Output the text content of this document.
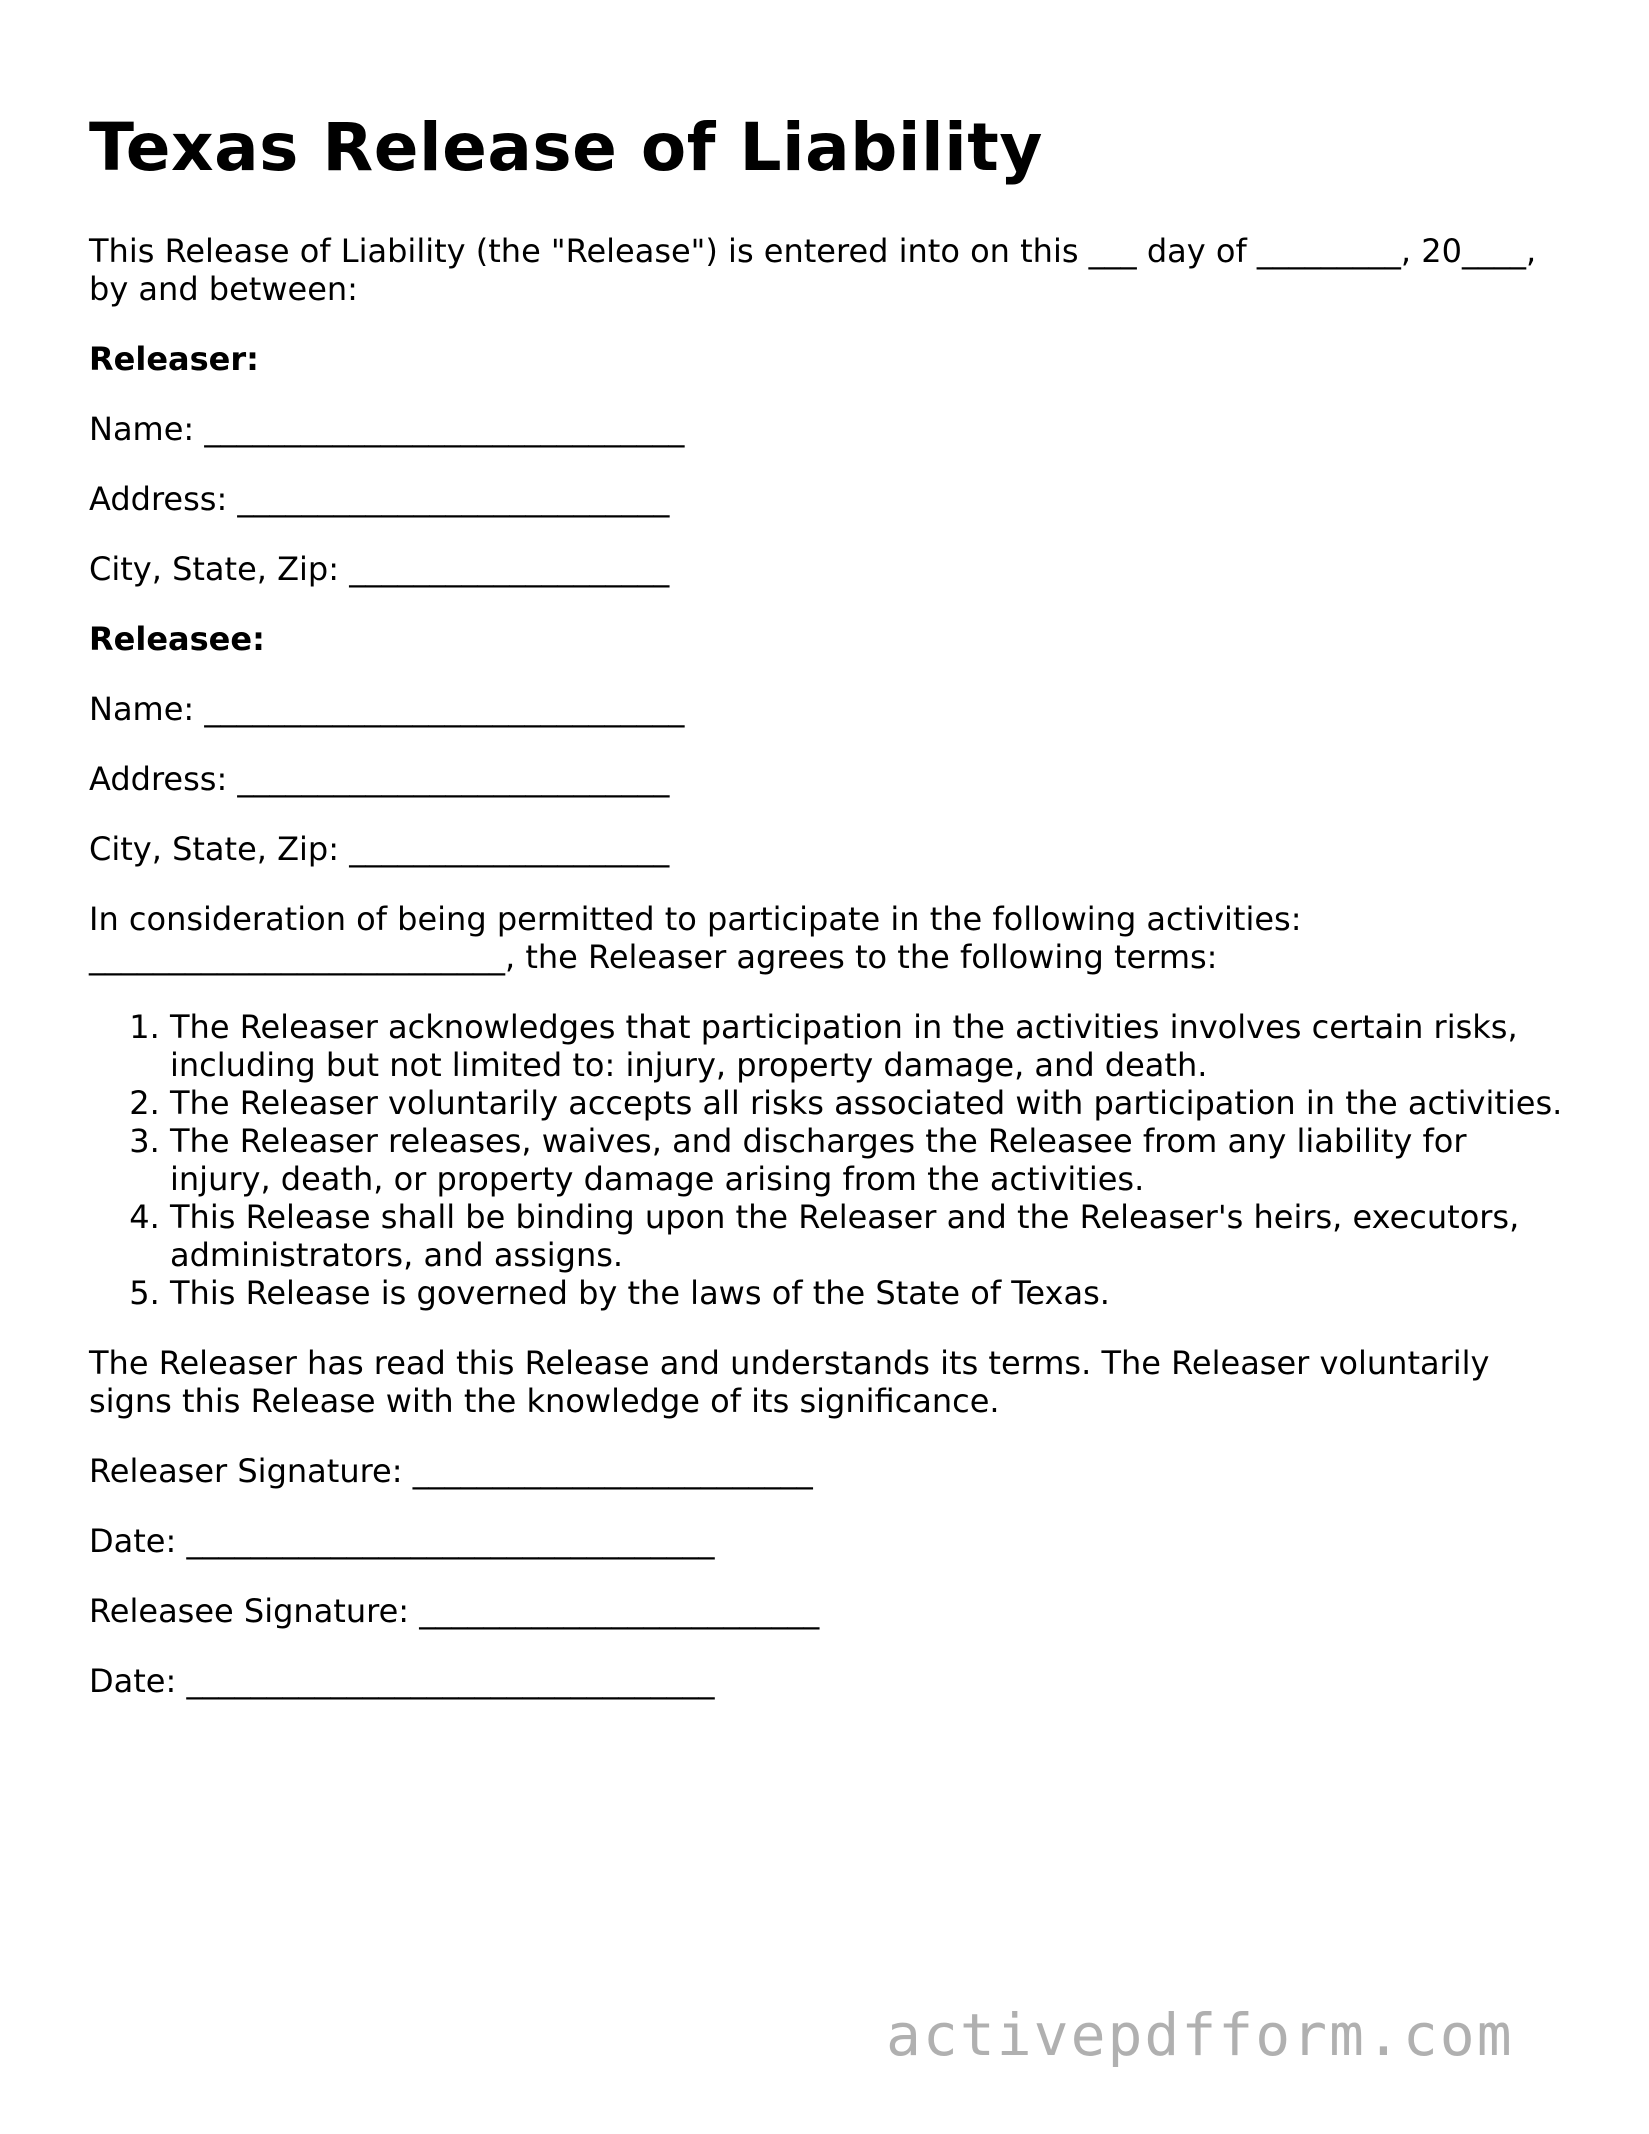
Texas Release of Liability

This Release of Liability (the "Release") is entered into on this ___ day of _________, 20____, by and between:

Releaser:
Name: ______________________________
Address: ___________________________
City, State, Zip: ____________________
Releasee:
Name: ______________________________
Address: ___________________________
City, State, Zip: ____________________

In consideration of being permitted to participate in the following activities: __________________________, the Releaser agrees to the following terms:

1. The Releaser acknowledges that participation in the activities involves certain risks, including but not limited to: injury, property damage, and death.
2. The Releaser voluntarily accepts all risks associated with participation in the activities.
3. The Releaser releases, waives, and discharges the Releasee from any liability for injury, death, or property damage arising from the activities.
4. This Release shall be binding upon the Releaser and the Releaser's heirs, executors, administrators, and assigns.
5. This Release is governed by the laws of the State of Texas.

The Releaser has read this Release and understands its terms. The Releaser voluntarily signs this Release with the knowledge of its significance.

Releaser Signature: _________________________
Date: _________________________________
Releasee Signature: _________________________
Date: _________________________________
activepdfform.com
